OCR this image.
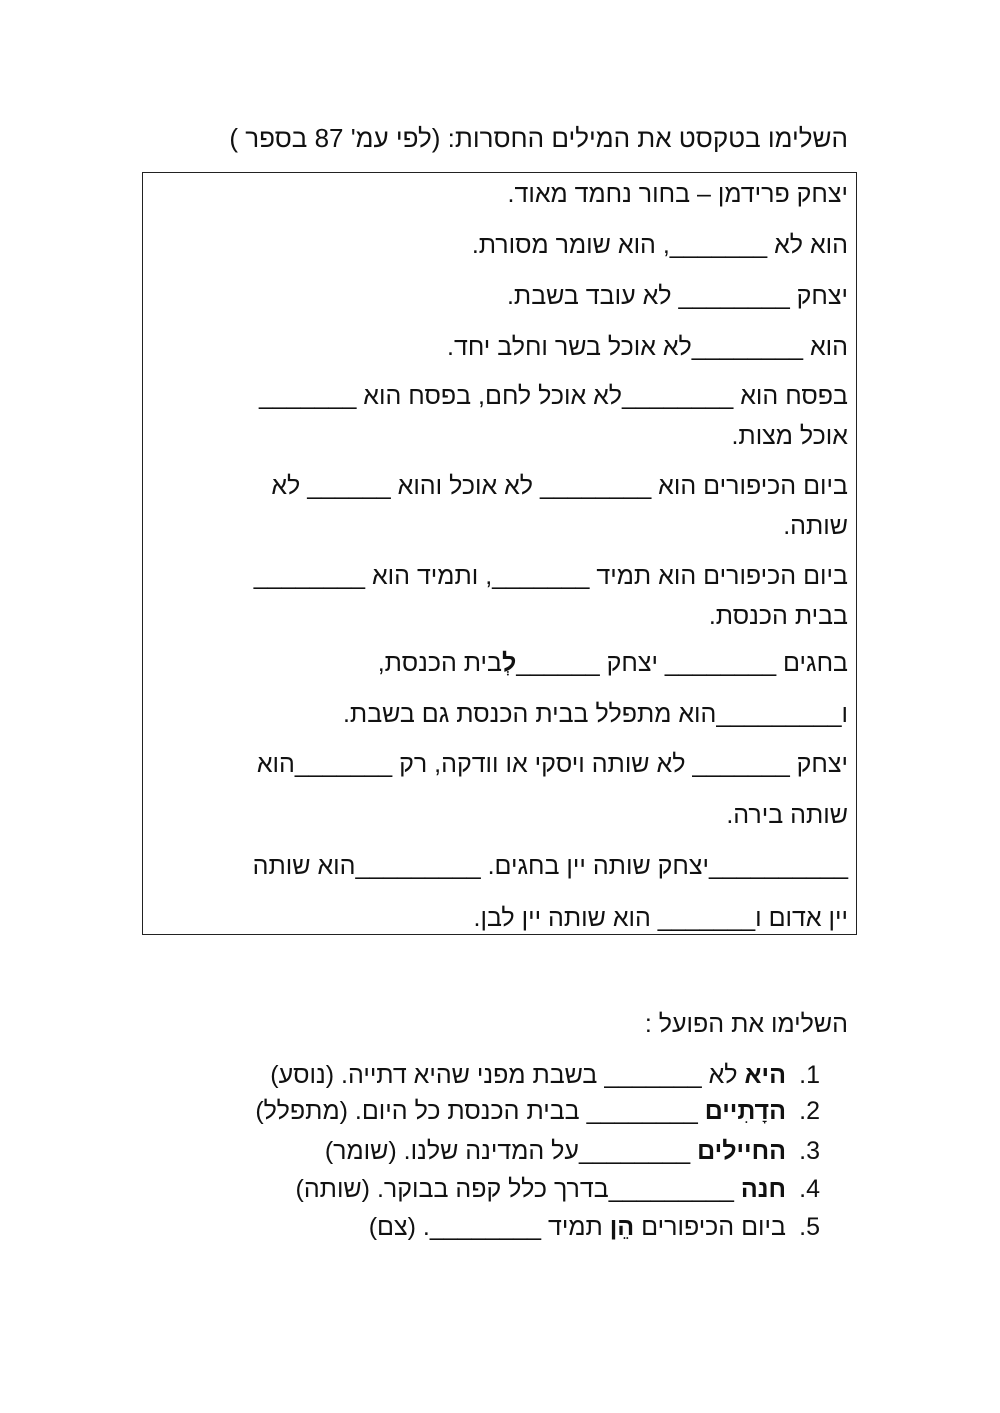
השלימו בטקסט את המילים החסרות: (לפי עמ' 87 בספר )
יצחק פרידמן – בחור נחמד מאוד.
הוא לא _______, הוא שומר מסורת.
יצחק ________ לא עובד בשבת.
הוא ________לא אוכל בשר וחלב יחד.
בפסח הוא ________לא אוכל לחם, בפסח הוא _______
אוכל מצות.
ביום הכיפורים הוא ________ לא אוכל והוא ______ לא
שותה.
ביום הכיפורים הוא תמיד _______, ותמיד הוא ________
בבית הכנסת.
בחגים ________ יצחק ______לְבית הכנסת,
ו_________הוא מתפלל בבית הכנסת גם בשבת.
יצחק _______ לא שותה ויסקי או וודקה, רק _______הוא
שותה בירה.
__________יצחק שותה יין בחגים. _________הוא שותה
יין אדום ו_______ הוא שותה יין לבן.
השלימו את הפועל :
1.היא לא _______ בשבת מפני שהיא דתייה. (נוסע)
2.הדָתִיים ________ בבית הכנסת כל היום. (מתפלל)
3.החיילים ________על המדינה שלנו. (שומר)
4.חנה _________בדרך כלל קפה בבוקר. (שותה)
5.ביום הכיפורים הֵן תמיד ________. (צם)
